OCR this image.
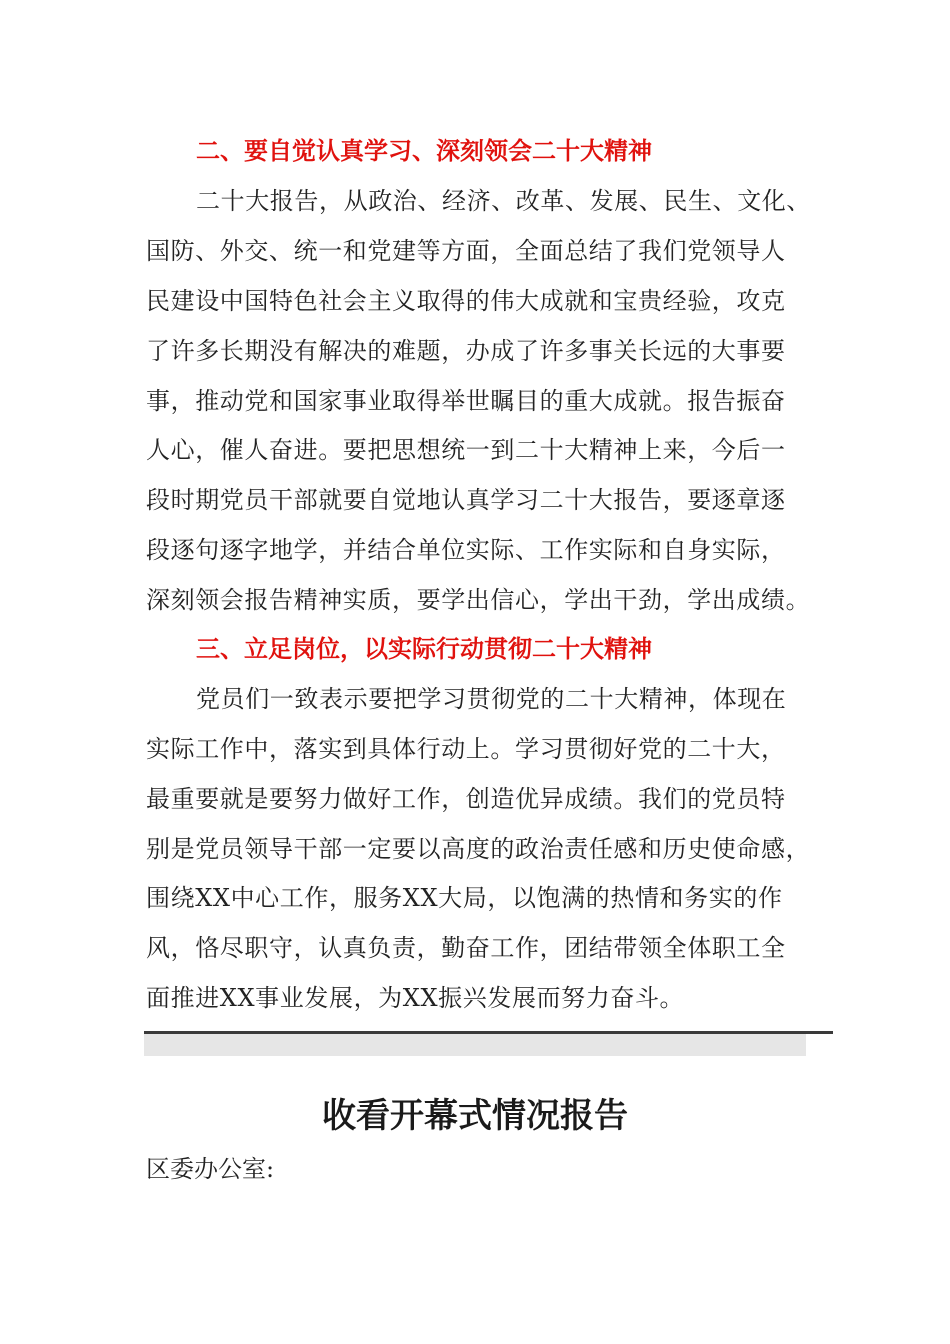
二、要自觉认真学习、深刻领会二十大精神
二十大报告，从政治、经济、改革、发展、民生、文化、
国防、外交、统一和党建等方面，全面总结了我们党领导人
民建设中国特色社会主义取得的伟大成就和宝贵经验，攻克
了许多长期没有解决的难题，办成了许多事关长远的大事要
事，推动党和国家事业取得举世瞩目的重大成就。报告振奋
人心，催人奋进。要把思想统一到二十大精神上来，今后一
段时期党员干部就要自觉地认真学习二十大报告，要逐章逐
段逐句逐字地学，并结合单位实际、工作实际和自身实际，
深刻领会报告精神实质，要学出信心，学出干劲，学出成绩。
三、立足岗位，以实际行动贯彻二十大精神
党员们一致表示要把学习贯彻党的二十大精神，体现在
实际工作中，落实到具体行动上。学习贯彻好党的二十大，
最重要就是要努力做好工作，创造优异成绩。我们的党员特
别是党员领导干部一定要以高度的政治责任感和历史使命感，
围绕XX中心工作，服务XX大局，以饱满的热情和务实的作
风，恪尽职守，认真负责，勤奋工作，团结带领全体职工全
面推进XX事业发展，为XX振兴发展而努力奋斗。
收看开幕式情况报告
区委办公室:
